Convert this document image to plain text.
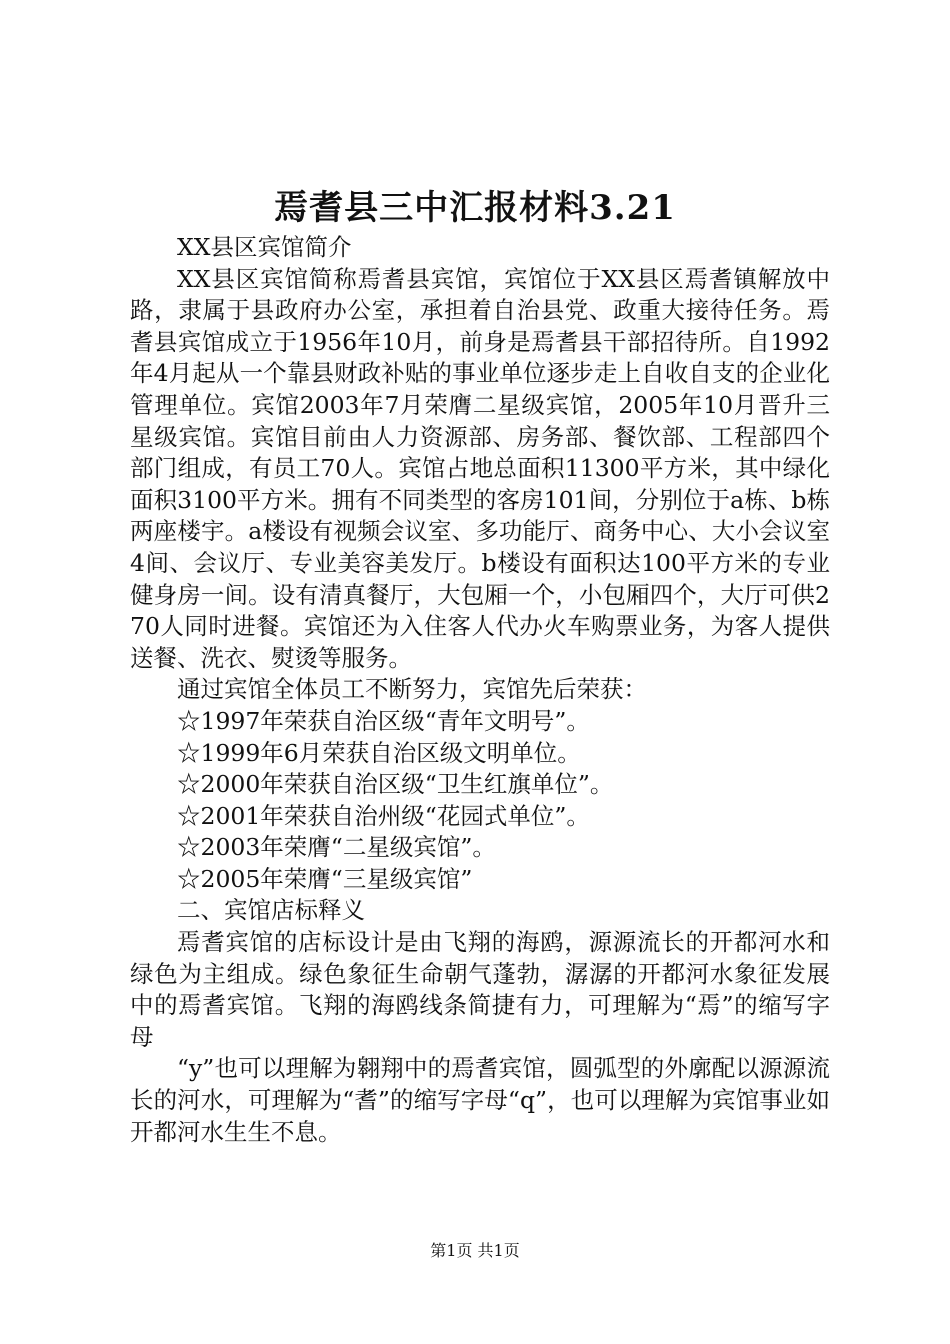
焉耆县三中汇报材料3.21

XX县区宾馆简介

XX县区宾馆简称焉耆县宾馆，宾馆位于XX县区焉耆镇解放中路，隶属于县政府办公室，承担着自治县党、政重大接待任务。焉耆县宾馆成立于1956年10月，前身是焉耆县干部招待所。自1992年4月起从一个靠县财政补贴的事业单位逐步走上自收自支的企业化管理单位。宾馆2003年7月荣膺二星级宾馆，2005年10月晋升三星级宾馆。宾馆目前由人力资源部、房务部、餐饮部、工程部四个部门组成，有员工70人。宾馆占地总面积11300平方米，其中绿化面积3100平方米。拥有不同类型的客房101间，分别位于a栋、b栋两座楼宇。a楼设有视频会议室、多功能厅、商务中心、大小会议室4间、会议厅、专业美容美发厅。b楼设有面积达100平方米的专业健身房一间。设有清真餐厅，大包厢一个，小包厢四个，大厅可供270人同时进餐。宾馆还为入住客人代办火车购票业务，为客人提供送餐、洗衣、熨烫等服务。

通过宾馆全体员工不断努力，宾馆先后荣获：

☆1997年荣获自治区级“青年文明号”。

☆1999年6月荣获自治区级文明单位。

☆2000年荣获自治区级“卫生红旗单位”。

☆2001年荣获自治州级“花园式单位”。

☆2003年荣膺“二星级宾馆”。

☆2005年荣膺“三星级宾馆”

二、宾馆店标释义

焉耆宾馆的店标设计是由飞翔的海鸥，源源流长的开都河水和绿色为主组成。绿色象征生命朝气蓬勃，潺潺的开都河水象征发展中的焉耆宾馆。飞翔的海鸥线条简捷有力，可理解为“焉”的缩写字母

“y”也可以理解为翱翔中的焉耆宾馆，圆弧型的外廓配以源源流长的河水，可理解为“耆”的缩写字母“q”，也可以理解为宾馆事业如开都河水生生不息。

第1页 共1页
